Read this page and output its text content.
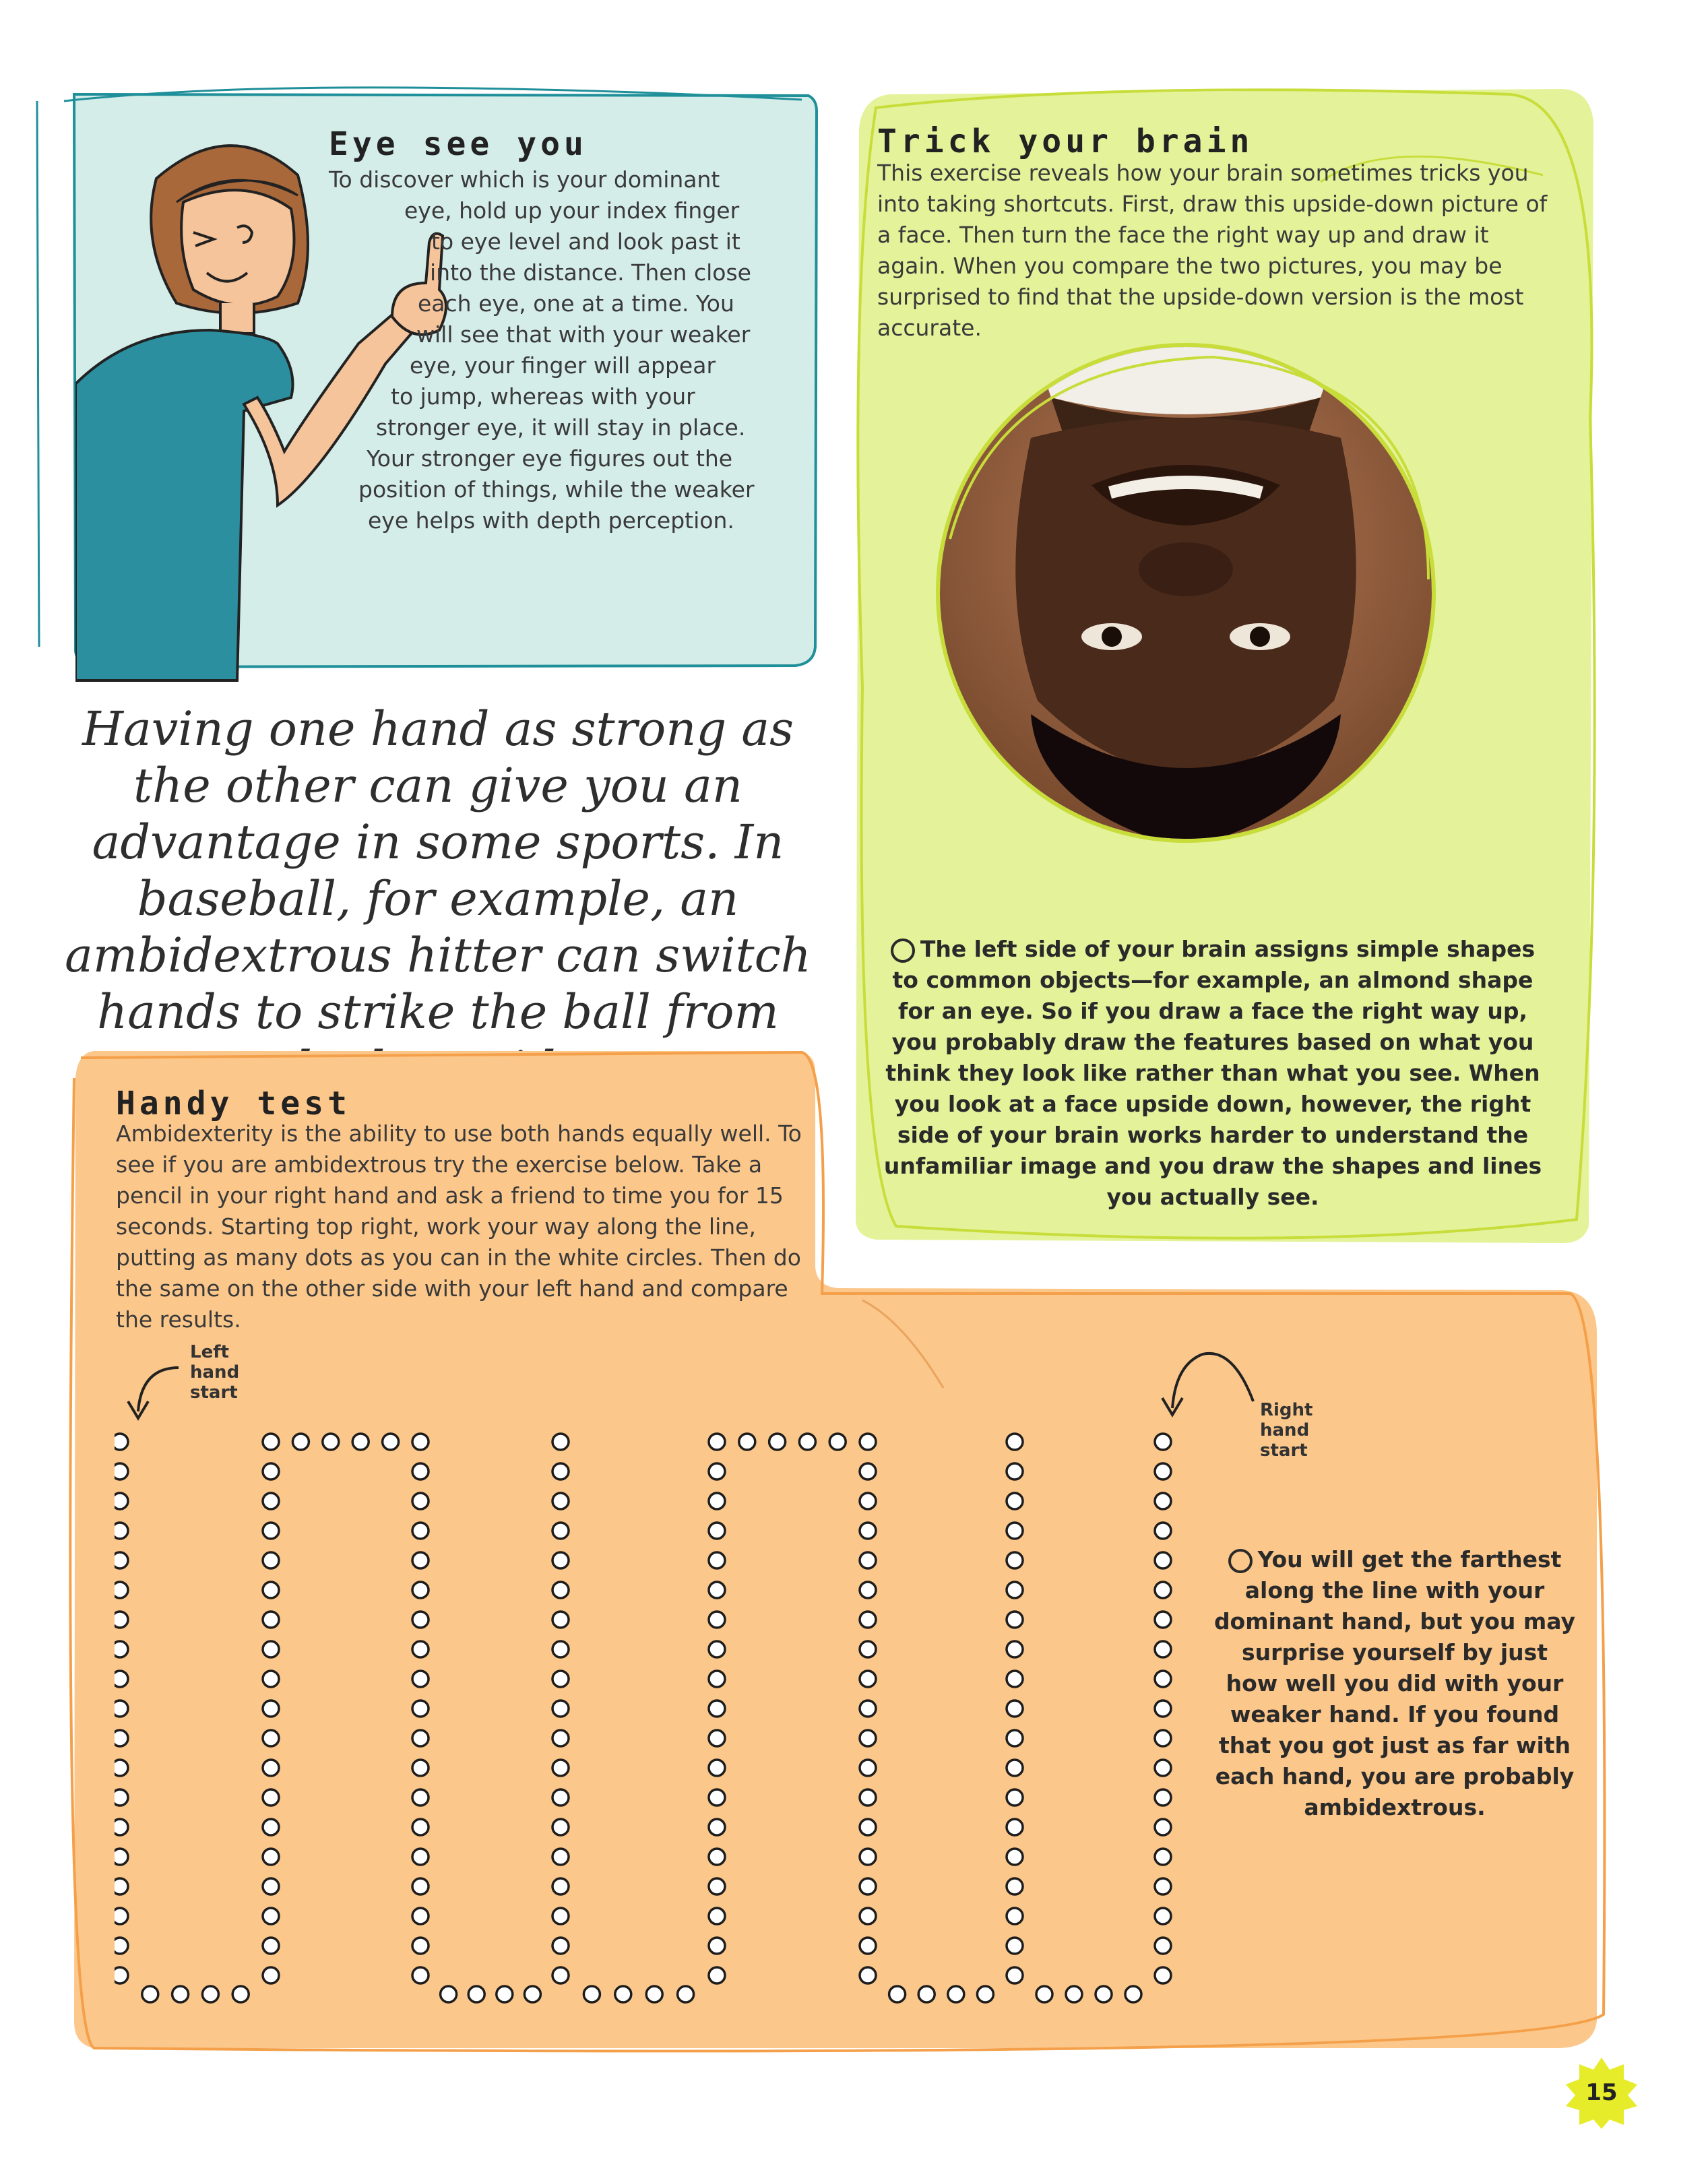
Eye see you
To discover which is your dominant
eye, hold up your index finger
to eye level and look past it
into the distance. Then close
each eye, one at a time. You
will see that with your weaker
eye, your finger will appear
to jump, whereas with your
stronger eye, it will stay in place.
Your stronger eye figures out the
position of things, while the weaker
eye helps with depth perception.
Trick your brain
This exercise reveals how your brain sometimes tricks you into taking shortcuts. First, draw this upside-down picture of a face. Then turn the face the right way up and draw it again. When you compare the two pictures, you may be surprised to find that the upside-down version is the most accurate.
The left side of your brain assigns simple shapes to common objects—for example, an almond shape for an eye. So if you draw a face the right way up, you probably draw the features based on what you think they look like rather than what you see. When you look at a face upside down, however, the right side of your brain works harder to understand the unfamiliar image and you draw the shapes and lines you actually see.
Having one hand as strong as the other can give you an advantage in some sports. In baseball, for example, an ambidextrous hitter can switch hands to strike the ball from
Handy test
Ambidexterity is the ability to use both hands equally well. To see if you are ambidextrous try the exercise below. Take a pencil in your right hand and ask a friend to time you for 15 seconds. Starting top right, work your way along the line, putting as many dots as you can in the white circles. Then do the same on the other side with your left hand and compare the results.
Left hand start
Right hand start
You will get the farthest along the line with your dominant hand, but you may surprise yourself by just how well you did with your weaker hand. If you found that you got just as far with each hand, you are probably ambidextrous.
15
